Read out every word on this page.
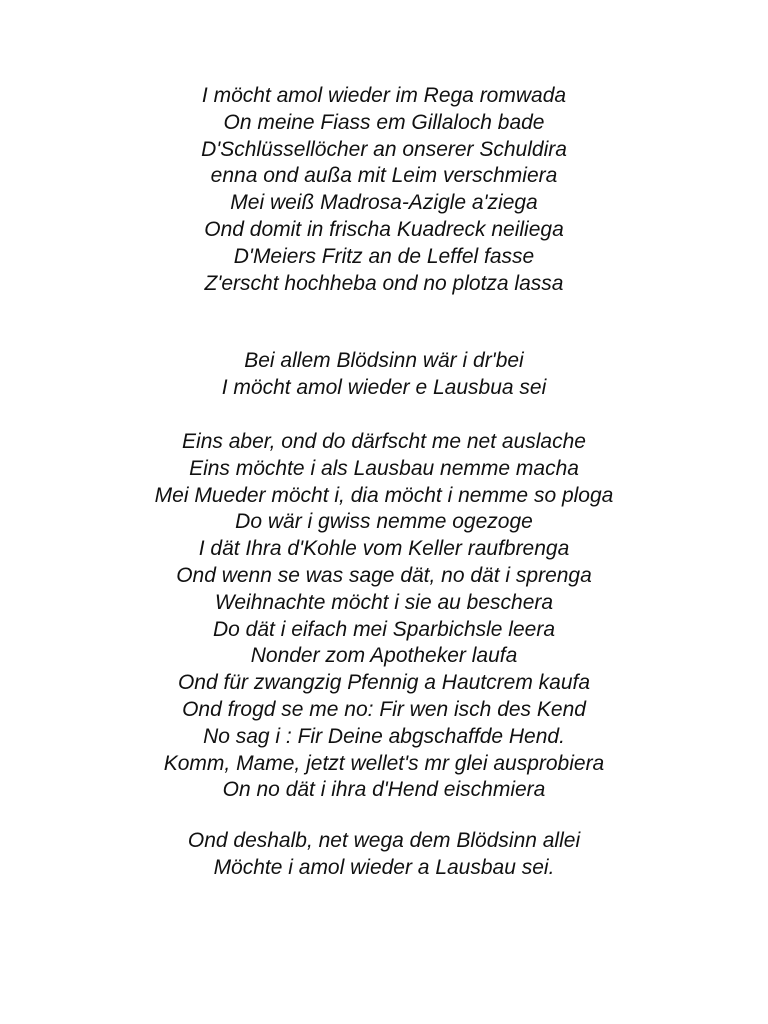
I möcht amol wieder im Rega romwada
On meine Fiass em Gillaloch bade
D'Schlüssellöcher an onserer Schuldira
enna ond außa mit Leim verschmiera
Mei weiß Madrosa-Azigle a'ziega
Ond domit in frischa Kuadreck neiliega
D'Meiers Fritz an de Leffel fasse
Z'erscht hochheba ond no plotza lassa
Bei allem Blödsinn wär i dr'bei
I möcht amol wieder e Lausbua sei
Eins aber, ond do därfscht me net auslache
Eins möchte i als Lausbau nemme macha
Mei Mueder möcht i, dia möcht i nemme so ploga
Do wär i gwiss nemme ogezoge
I dät Ihra d'Kohle vom Keller raufbrenga
Ond wenn se was sage dät, no dät i sprenga
Weihnachte möcht i sie au beschera
Do dät i eifach mei Sparbichsle leera
Nonder zom Apotheker laufa
Ond für zwangzig Pfennig a Hautcrem kaufa
Ond frogd se me no: Fir wen isch des Kend
No sag i : Fir Deine abgschaffde Hend.
Komm, Mame, jetzt wellet's mr glei ausprobiera
On no dät i ihra d'Hend eischmiera
Ond deshalb, net wega dem Blödsinn allei
Möchte i amol wieder a Lausbau sei.
